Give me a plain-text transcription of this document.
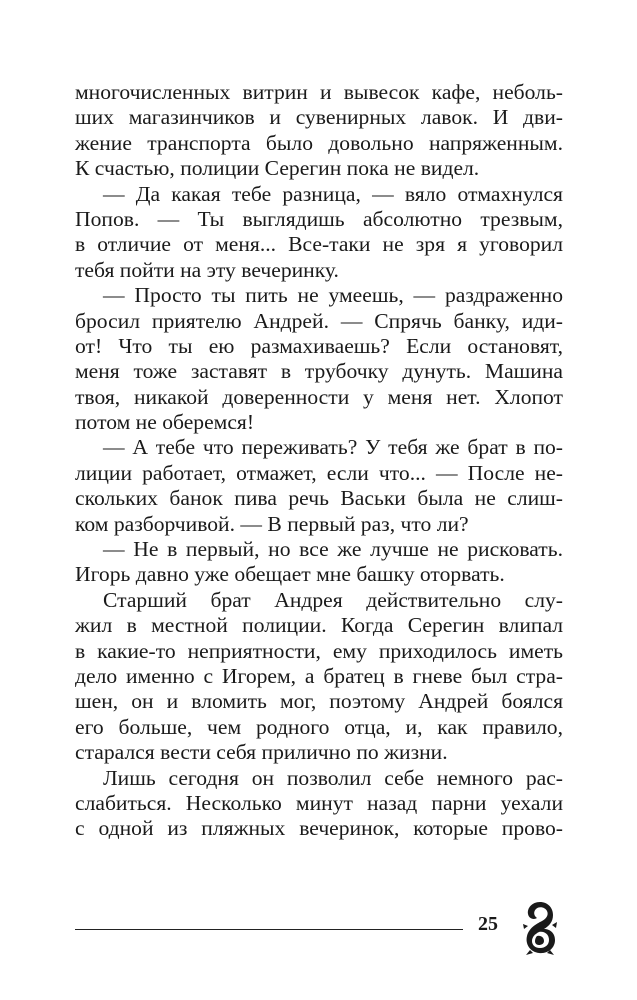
многочисленных витрин и вывесок кафе, неболь-
ших магазинчиков и сувенирных лавок. И дви-
жение транспорта было довольно напряженным.
К счастью, полиции Серегин пока не видел.
— Да какая тебе разница, — вяло отмахнулся
Попов. — Ты выглядишь абсолютно трезвым,
в отличие от меня... Все-таки не зря я уговорил
тебя пойти на эту вечеринку.
— Просто ты пить не умеешь, — раздраженно
бросил приятелю Андрей. — Спрячь банку, иди-
от! Что ты ею размахиваешь? Если остановят,
меня тоже заставят в трубочку дунуть. Машина
твоя, никакой доверенности у меня нет. Хлопот
потом не оберемся!
— А тебе что переживать? У тебя же брат в по-
лиции работает, отмажет, если что... — После не-
скольких банок пива речь Васьки была не слиш-
ком разборчивой. — В первый раз, что ли?
— Не в первый, но все же лучше не рисковать.
Игорь давно уже обещает мне башку оторвать.
Старший брат Андрея действительно слу-
жил в местной полиции. Когда Серегин влипал
в какие-то неприятности, ему приходилось иметь
дело именно с Игорем, а братец в гневе был стра-
шен, он и вломить мог, поэтому Андрей боялся
его больше, чем родного отца, и, как правило,
старался вести себя прилично по жизни.
Лишь сегодня он позволил себе немного рас-
слабиться. Несколько минут назад парни уехали
с одной из пляжных вечеринок, которые прово-
25
